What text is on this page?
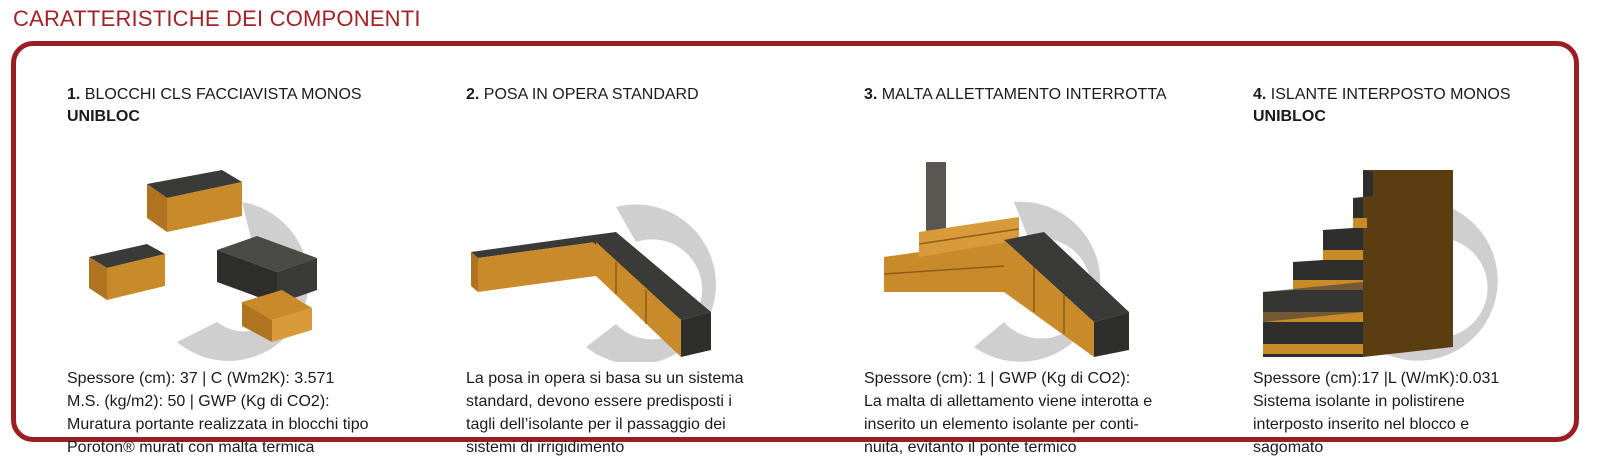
CARATTERISTICHE DEI COMPONENTI
1. BLOCCHI CLS FACCIAVISTA MONOS
UNIBLOC
Spessore (cm): 37 | C (Wm2K): 3.571
M.S. (kg/m2): 50 | GWP (Kg di CO2):
Muratura portante realizzata in blocchi tipo
Poroton® murati con malta termica
2. POSA IN OPERA STANDARD
La posa in opera si basa su un sistema
standard, devono essere predisposti i
tagli dell’isolante per il passaggio dei
sistemi di irrigidimento
3. MALTA ALLETTAMENTO INTERROTTA
Spessore (cm): 1 | GWP (Kg di CO2):
La malta di allettamento viene interotta e
inserito un elemento isolante per conti-
nuita, evitanto il ponte termico
4. ISLANTE INTERPOSTO MONOS
UNIBLOC
Spessore (cm):17 |L (W/mK):0.031
Sistema isolante in polistirene
interposto inserito nel blocco e
sagomato
